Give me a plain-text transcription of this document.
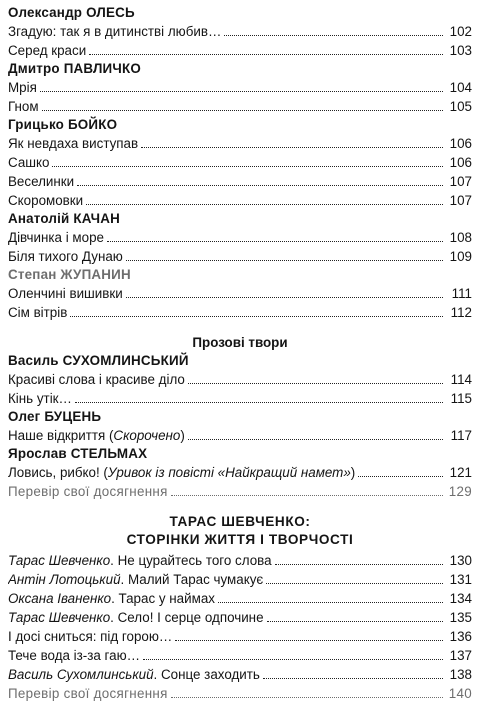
Олександр ОЛЕСЬ
Згадую: так я в дитинстві любив…	102
Серед краси	103
Дмитро ПАВЛИЧКО
Мрія	104
Гном	105
Грицько БОЙКО
Як невдаха виступав	106
Сашко	106
Веселинки	107
Скоромовки	107
Анатолій КАЧАН
Дівчинка і море	108
Біля тихого Дунаю	109
Степан ЖУПАНИН
Оленчині вишивки	111
Сім вітрів	112
Прозові твори
Василь СУХОМЛИНСЬКИЙ
Красиві слова і красиве діло	114
Кінь утік…	115
Олег БУЦЕНЬ
Наше відкриття (Скорочено)	117
Ярослав СТЕЛЬМАХ
Ловись, рибко! (Уривок із повісті «Найкращий намет»)	121
Перевір свої досягнення	129
ТАРАС ШЕВЧЕНКО:
СТОРІНКИ ЖИТТЯ І ТВОРЧОСТІ
Тарас Шевченко. Не цурайтесь того слова	130
Антін Лотоцький. Малий Тарас чумакує	131
Оксана Іваненко. Тарас у наймах	134
Тарас Шевченко. Село! І серце одпочине	135
І досі сниться: під горою…	136
Тече вода із-за гаю…	137
Василь Сухомлинський. Сонце заходить	138
Перевір свої досягнення	140
